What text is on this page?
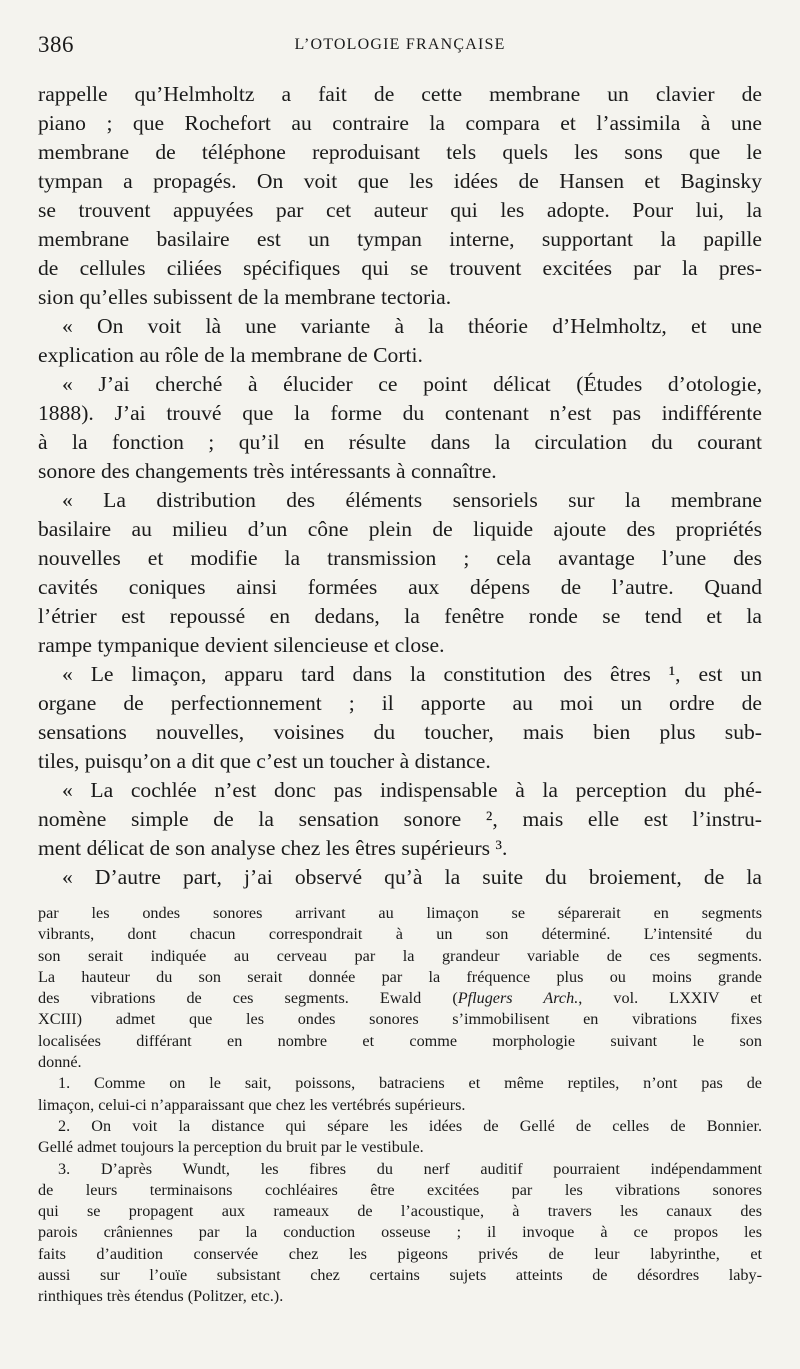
386	L’OTOLOGIE FRANÇAISE
rappelle qu’Helmholtz a fait de cette membrane un clavier de
piano ; que Rochefort au contraire la compara et l’assimila à une
membrane de téléphone reproduisant tels quels les sons que le
tympan a propagés. On voit que les idées de Hansen et Baginsky
se trouvent appuyées par cet auteur qui les adopte. Pour lui, la
membrane basilaire est un tympan interne, supportant la papille
de cellules ciliées spécifiques qui se trouvent excitées par la pres-
sion qu’elles subissent de la membrane tectoria.
« On voit là une variante à la théorie d’Helmholtz, et une
explication au rôle de la membrane de Corti.
« J’ai cherché à élucider ce point délicat (Études d’otologie,
1888). J’ai trouvé que la forme du contenant n’est pas indifférente
à la fonction ; qu’il en résulte dans la circulation du courant
sonore des changements très intéressants à connaître.
« La distribution des éléments sensoriels sur la membrane
basilaire au milieu d’un cône plein de liquide ajoute des propriétés
nouvelles et modifie la transmission ; cela avantage l’une des
cavités coniques ainsi formées aux dépens de l’autre. Quand
l’étrier est repoussé en dedans, la fenêtre ronde se tend et la
rampe tympanique devient silencieuse et close.
« Le limaçon, apparu tard dans la constitution des êtres ¹, est un
organe de perfectionnement ; il apporte au moi un ordre de
sensations nouvelles, voisines du toucher, mais bien plus sub-
tiles, puisqu’on a dit que c’est un toucher à distance.
« La cochlée n’est donc pas indispensable à la perception du phé-
nomène simple de la sensation sonore ², mais elle est l’instru-
ment délicat de son analyse chez les êtres supérieurs ³.
« D’autre part, j’ai observé qu’à la suite du broiement, de la
par les ondes sonores arrivant au limaçon se séparerait en segments
vibrants, dont chacun correspondrait à un son déterminé. L’intensité du
son serait indiquée au cerveau par la grandeur variable de ces segments.
La hauteur du son serait donnée par la fréquence plus ou moins grande
des vibrations de ces segments. Ewald (Pflugers Arch., vol. LXXIV et
XCIII) admet que les ondes sonores s’immobilisent en vibrations fixes
localisées différant en nombre et comme morphologie suivant le son
donné.
1. Comme on le sait, poissons, batraciens et même reptiles, n’ont pas de
limaçon, celui-ci n’apparaissant que chez les vertébrés supérieurs.
2. On voit la distance qui sépare les idées de Gellé de celles de Bonnier.
Gellé admet toujours la perception du bruit par le vestibule.
3. D’après Wundt, les fibres du nerf auditif pourraient indépendamment
de leurs terminaisons cochléaires être excitées par les vibrations sonores
qui se propagent aux rameaux de l’acoustique, à travers les canaux des
parois crâniennes par la conduction osseuse ; il invoque à ce propos les
faits d’audition conservée chez les pigeons privés de leur labyrinthe, et
aussi sur l’ouïe subsistant chez certains sujets atteints de désordres laby-
rinthiques très étendus (Politzer, etc.).
